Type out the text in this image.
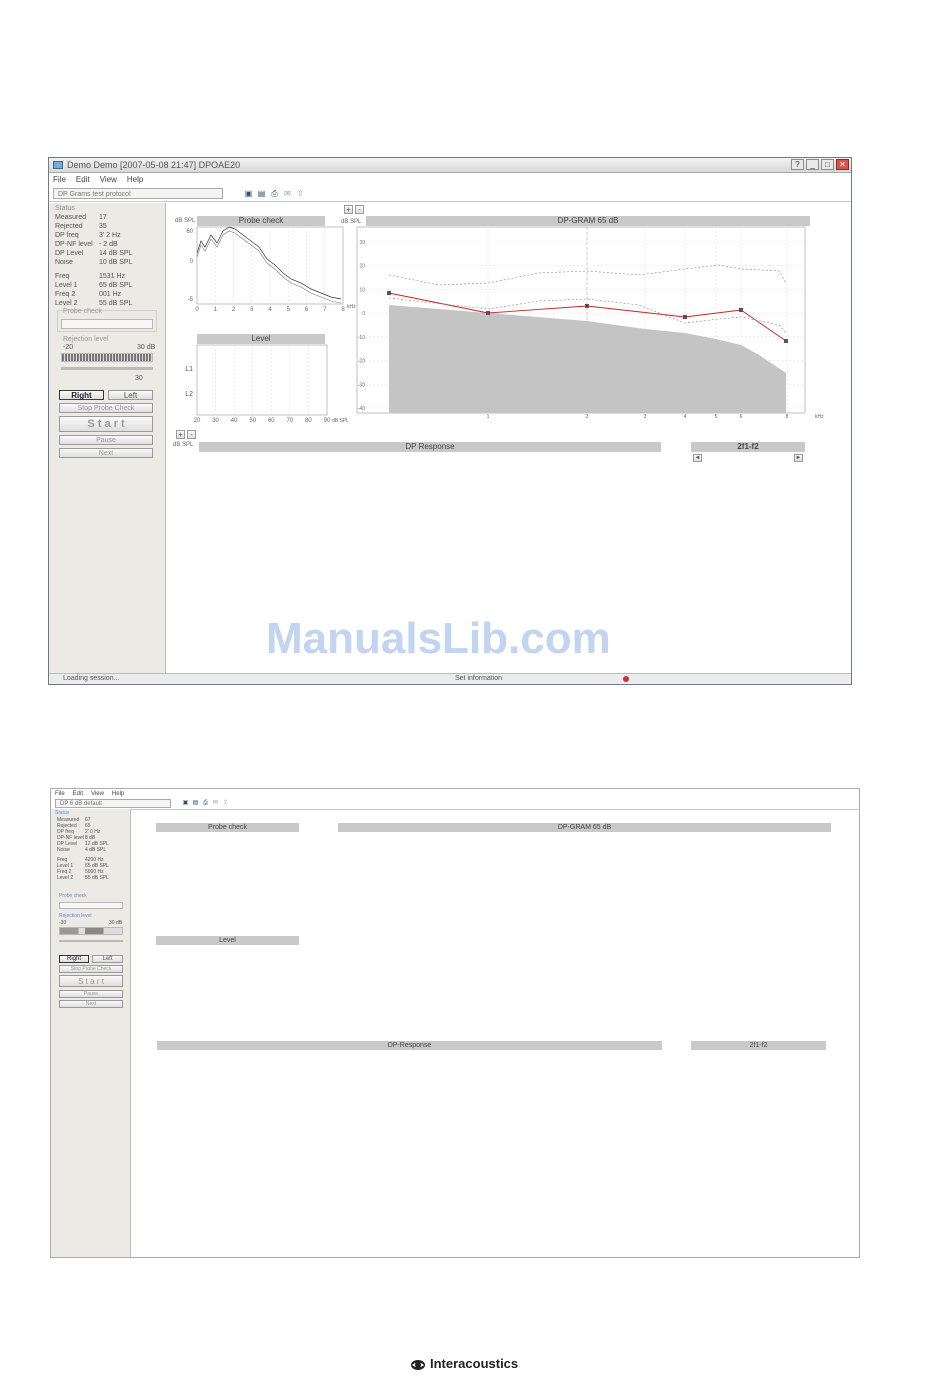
Demo Demo [2007-05-08 21:47] DPOAE20	?	_	□	✕
File Edit View Help
DP Grams test protocol	▣ ▤ ⎙ ✉ ⇪
Status
Measured 17
Rejected 35
DP freq	3' 2 Hz
DP-NF level - 2 dB
DP Level 14 dB SPL
Noise	10 dB SPL
Freq	1531 Hz
Level 1	65 dB SPL
Freq 2	001 Hz
Level 2	55 dB SPL
Probe check
Rejection level
-20	30 dB
30
Right	Left
Stop Probe Check
S t a r t
Pause
Next
Probe check
dB SPL
60
0
-5
0 1 2 3 4 5 6 7 8 kHz
Level
L1
L2
20 30 40 50 60 70 80 90 dB SPL
DP-GRAM 65 dB
+ -
dB SPL
30
20
10
0
-10
-20
-30
-40
1	2	3	4	5	6	8	kHz
+ -
DP Response
dB SPL	2f1-f2
◄	►
Loading session...	Set information
File Edit View Help
DP 6 dB default	▣ ▤ ⎙ ✉ ⇪
Status
Measured 67
Rejected 65
DP freq 2' 0 Hz
DP-NF level 8 dB
DP Level 12 dB SPL
Noise	4 dB SPL
Freq	4200 Hz
Level 1 65 dB SPL
Freq 2	5000 Hz
Level 2 55 dB SPL
Probe check
Rejection level
-30	30 dB
Right	Left
Stop Probe Check
S t a r t
Pause
Next
Probe check
Level
DP-GRAM 65 dB
DP-Response	2f1-f2
ManualsLib.com
Interacoustics
